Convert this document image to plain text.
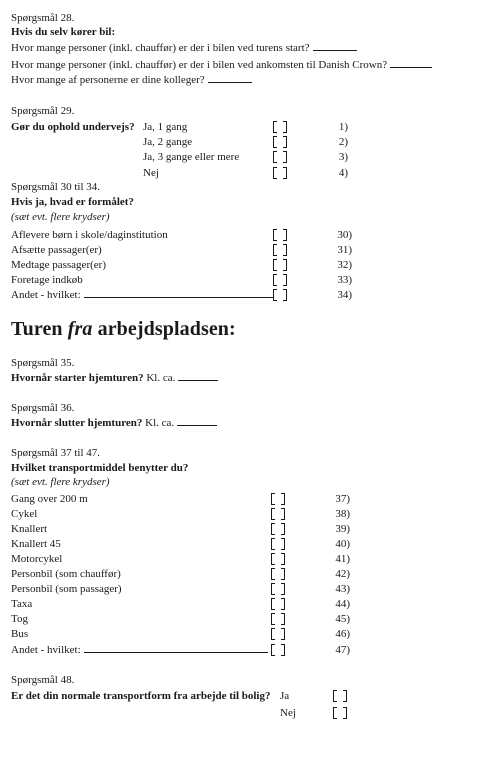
Spørgsmål 28.
Hvis du selv kører bil:
Hvor mange personer (inkl. chauffør) er der i bilen ved turens start?
Hvor mange personer (inkl. chauffør) er der i bilen ved ankomsten til Danish Crown?
Hvor mange af personerne er dine kolleger?
Spørgsmål 29.
Gør du ophold undervejs? Ja, 1 gang	1)
Ja, 2 gange	2)
Ja, 3 gange eller mere	3)
Nej	4)
Spørgsmål 30 til 34.
Hvis ja, hvad er formålet?
(sæt evt. flere krydser)
Aflevere børn i skole/daginstitution	30)
Afsætte passager(er)	31)
Medtage passager(er)	32)
Foretage indkøb	33)
Andet - hvilket:	34)
Turen fra arbejdspladsen:
Spørgsmål 35.
Hvornår starter hjemturen? Kl. ca.
Spørgsmål 36.
Hvornår slutter hjemturen? Kl. ca.
Spørgsmål 37 til 47.
Hvilket transportmiddel benytter du?
(sæt evt. flere krydser)
Gang over 200 m	37)
Cykel	38)
Knallert	39)
Knallert 45	40)
Motorcykel	41)
Personbil (som chauffør)	42)
Personbil (som passager)	43)
Taxa	44)
Tog	45)
Bus	46)
Andet - hvilket:	47)
Spørgsmål 48.
Er det din normale transportform fra arbejde til bolig? Ja
Nej
